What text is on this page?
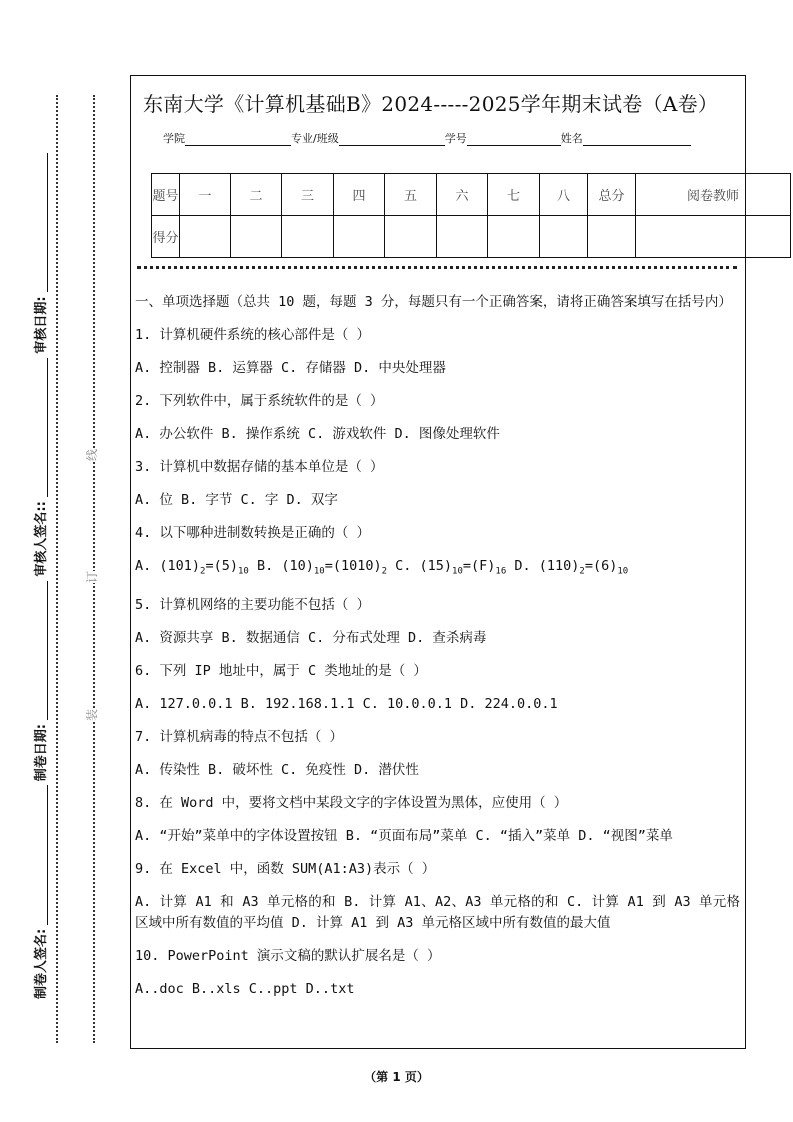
制卷人签名:
制卷日期:
审核人签名::
审核日期:
装
订
线
东南大学《计算机基础B》2024-----2025学年期末试卷（A卷）
学院	专业/班级	学号	姓名
题号	一	二	三	四	五	六	七	八	总分	阅卷教师
得分										

一、单项选择题（总共 10 题，每题 3 分，每题只有一个正确答案，请将正确答案填写在括号内）

1. 计算机硬件系统的核心部件是（ ）

A. 控制器 B. 运算器 C. 存储器 D. 中央处理器

2. 下列软件中，属于系统软件的是（ ）

A. 办公软件 B. 操作系统 C. 游戏软件 D. 图像处理软件

3. 计算机中数据存储的基本单位是（ ）

A. 位 B. 字节 C. 字 D. 双字

4. 以下哪种进制数转换是正确的（ ）

A. $(101)_2=(5)_{10}$ B. $(10)_{10}=(1010)_2$ C. $(15)_{10}=(F)_{16}$ D. $(110)_2=(6)_{10}$

5. 计算机网络的主要功能不包括（ ）

A. 资源共享 B. 数据通信 C. 分布式处理 D. 查杀病毒

6. 下列 IP 地址中，属于 C 类地址的是（ ）

A. 127.0.0.1 B. 192.168.1.1 C. 10.0.0.1 D. 224.0.0.1

7. 计算机病毒的特点不包括（ ）

A. 传染性 B. 破坏性 C. 免疫性 D. 潜伏性

8. 在 Word 中，要将文档中某段文字的字体设置为黑体，应使用（ ）

A. “开始”菜单中的字体设置按钮 B. “页面布局”菜单 C. “插入”菜单 D. “视图”菜单

9. 在 Excel 中，函数 SUM(A1:A3)表示（ ）

A. 计算 A1 和 A3 单元格的和 B. 计算 A1、A2、A3 单元格的和 C. 计算 A1 到 A3 单元格区域中所有数值的平均值 D. 计算 A1 到 A3 单元格区域中所有数值的最大值

10. PowerPoint 演示文稿的默认扩展名是（ ）

A..doc B..xls C..ppt D..txt

（第 1 页）
